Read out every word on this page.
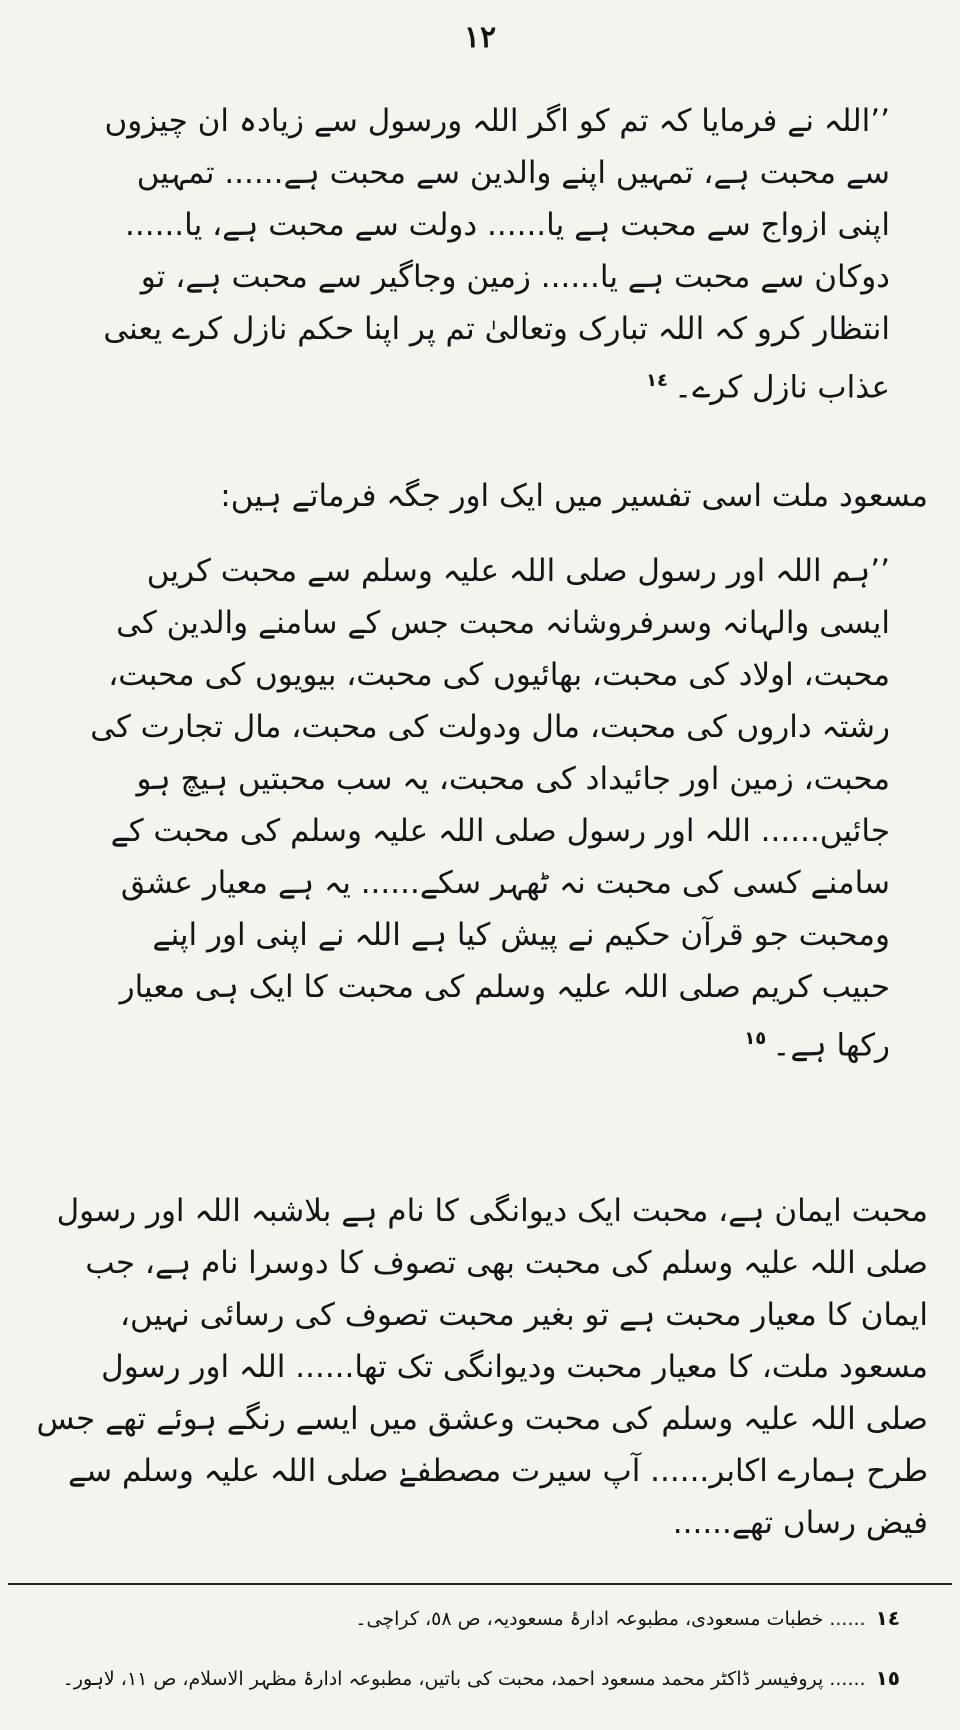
١٢

’’اللہ نے فرمایا کہ تم کو اگر اللہ ورسول سے زیادہ ان چیزوں سے محبت ہے، تمہیں اپنے والدین سے محبت ہے...... تمہیں اپنی ازواج سے محبت ہے یا...... دولت سے محبت ہے، یا...... دوکان سے محبت ہے یا...... زمین وجاگیر سے محبت ہے، تو انتظار کرو کہ اللہ تبارک وتعالیٰ تم پر اپنا حکم نازل کرے یعنی عذاب نازل کرے۔$^{١٤}$

مسعود ملت اسی تفسیر میں ایک اور جگہ فرماتے ہیں:

’’ہم اللہ اور رسول صلی اللہ علیہ وسلم سے محبت کریں ایسی والہانہ وسرفروشانہ محبت جس کے سامنے والدین کی محبت، اولاد کی محبت، بھائیوں کی محبت، بیویوں کی محبت، رشتہ داروں کی محبت، مال ودولت کی محبت، مال تجارت کی محبت، زمین اور جائیداد کی محبت، یہ سب محبتیں ہیچ ہو جائیں...... اللہ اور رسول صلی اللہ علیہ وسلم کی محبت کے سامنے کسی کی محبت نہ ٹھہر سکے...... یہ ہے معیار عشق ومحبت جو قرآن حکیم نے پیش کیا ہے اللہ نے اپنی اور اپنے حبیب کریم صلی اللہ علیہ وسلم کی محبت کا ایک ہی معیار رکھا ہے۔$^{١٥}$

محبت ایمان ہے، محبت ایک دیوانگی کا نام ہے بلاشبہ اللہ اور رسول صلی اللہ علیہ وسلم کی محبت بھی تصوف کا دوسرا نام ہے، جب ایمان کا معیار محبت ہے تو بغیر محبت تصوف کی رسائی نہیں، مسعود ملت، کا معیار محبت ودیوانگی تک تھا...... اللہ اور رسول صلی اللہ علیہ وسلم کی محبت وعشق میں ایسے رنگے ہوئے تھے جس طرح ہمارے اکابر...... آپ سیرت مصطفےٰ صلی اللہ علیہ وسلم سے فیض رساں تھے......

١٤...... خطبات مسعودی، مطبوعہ ادارۂ مسعودیہ، ص ٥٨، کراچی۔

١٥...... پروفیسر ڈاکٹر محمد مسعود احمد، محبت کی باتیں، مطبوعہ ادارۂ مظہر الاسلام، ص ١١، لاہور۔
